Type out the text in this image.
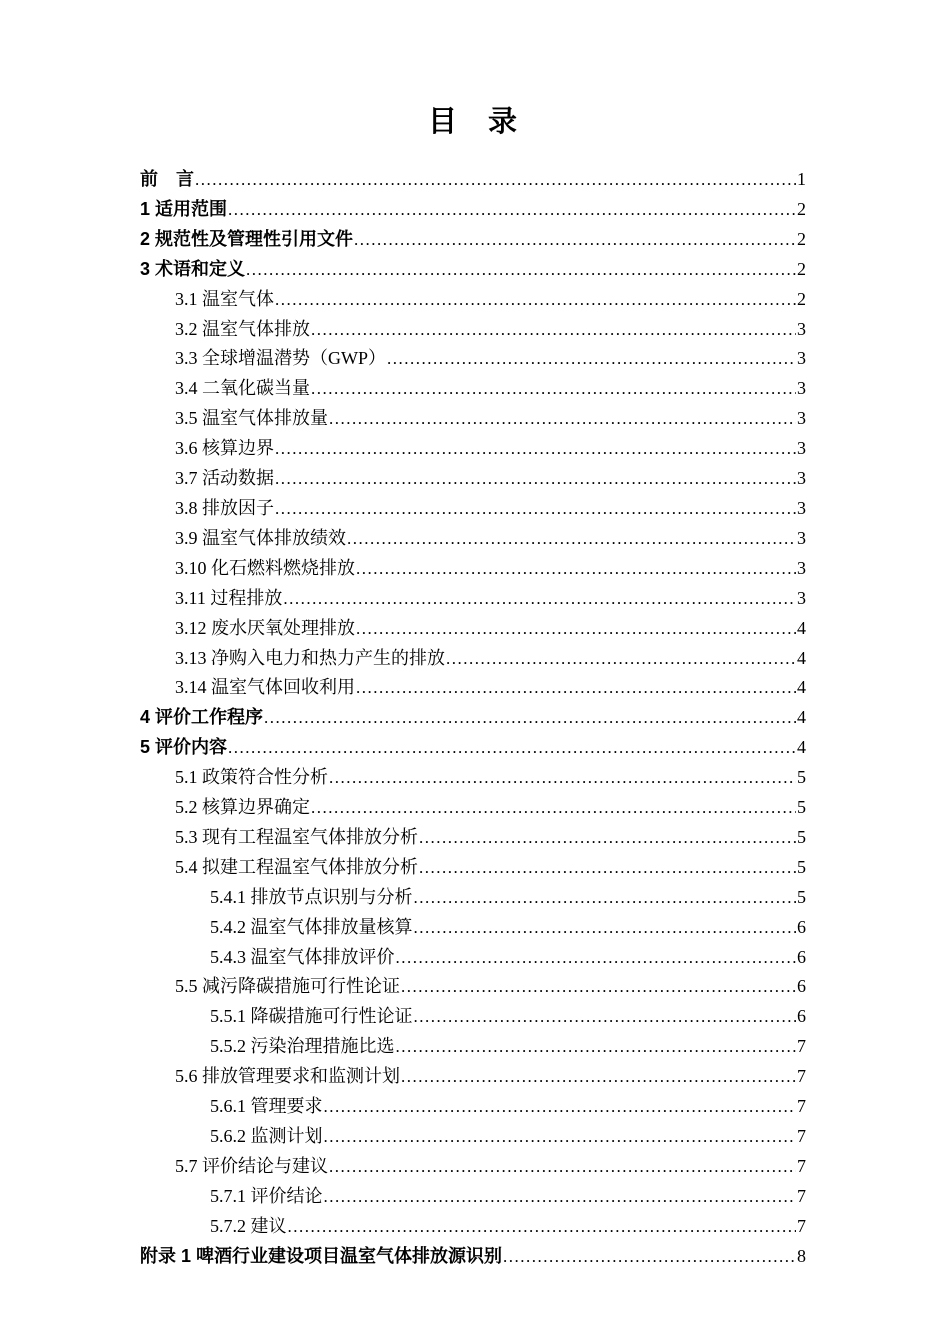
目　录
前　言 .....	1
1 适用范围 .....	2
2 规范性及管理性引用文件 .....	2
3 术语和定义 .....	2
3.1 温室气体 .....	2
3.2 温室气体排放 .....	3
3.3 全球增温潜势（GWP） .....	3
3.4 二氧化碳当量 .....	3
3.5 温室气体排放量 .....	3
3.6 核算边界 .....	3
3.7 活动数据 .....	3
3.8 排放因子 .....	3
3.9 温室气体排放绩效 .....	3
3.10 化石燃料燃烧排放 .....	3
3.11 过程排放 .....	3
3.12 废水厌氧处理排放 .....	4
3.13 净购入电力和热力产生的排放 .....	4
3.14 温室气体回收利用 .....	4
4 评价工作程序 .....	4
5 评价内容 .....	4
5.1 政策符合性分析 .....	5
5.2 核算边界确定 .....	5
5.3 现有工程温室气体排放分析 .....	5
5.4 拟建工程温室气体排放分析 .....	5
5.4.1 排放节点识别与分析 .....	5
5.4.2 温室气体排放量核算 .....	6
5.4.3 温室气体排放评价 .....	6
5.5 减污降碳措施可行性论证 .....	6
5.5.1 降碳措施可行性论证 .....	6
5.5.2 污染治理措施比选 .....	7
5.6 排放管理要求和监测计划 .....	7
5.6.1 管理要求 .....	7
5.6.2 监测计划 .....	7
5.7 评价结论与建议 .....	7
5.7.1 评价结论 .....	7
5.7.2 建议 .....	7
附录 1 啤酒行业建设项目温室气体排放源识别 .....	8
